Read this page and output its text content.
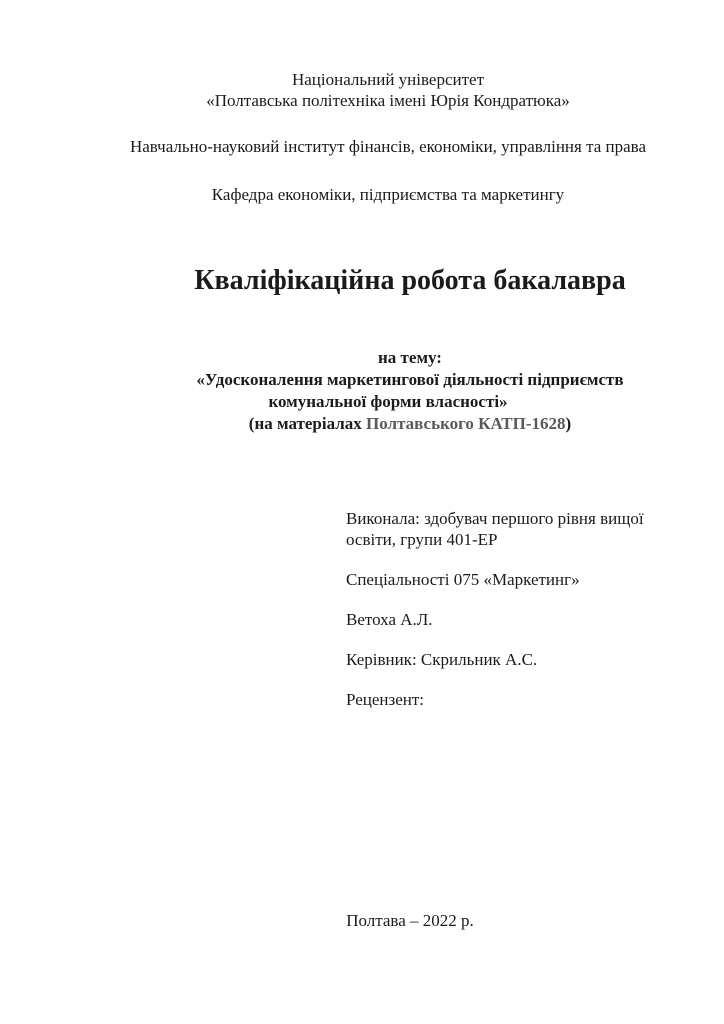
Національний університет
«Полтавська політехніка імені Юрія Кондратюка»
Навчально-науковий інститут фінансів, економіки, управління та права
Кафедра економіки, підприємства та маркетингу
Кваліфікаційна робота бакалавра
на тему:
«Удосконалення маркетингової діяльності підприємств
комунальної форми власності»
(на матеріалах Полтавського КАТП-1628)

Виконала: здобувач першого рівня вищої освіти, групи 401-ЕР

Спеціальності 075 «Маркетинг»

Ветоха А.Л.

Керівник: Скрильник А.С.

Рецензент:

Полтава – 2022 р.
